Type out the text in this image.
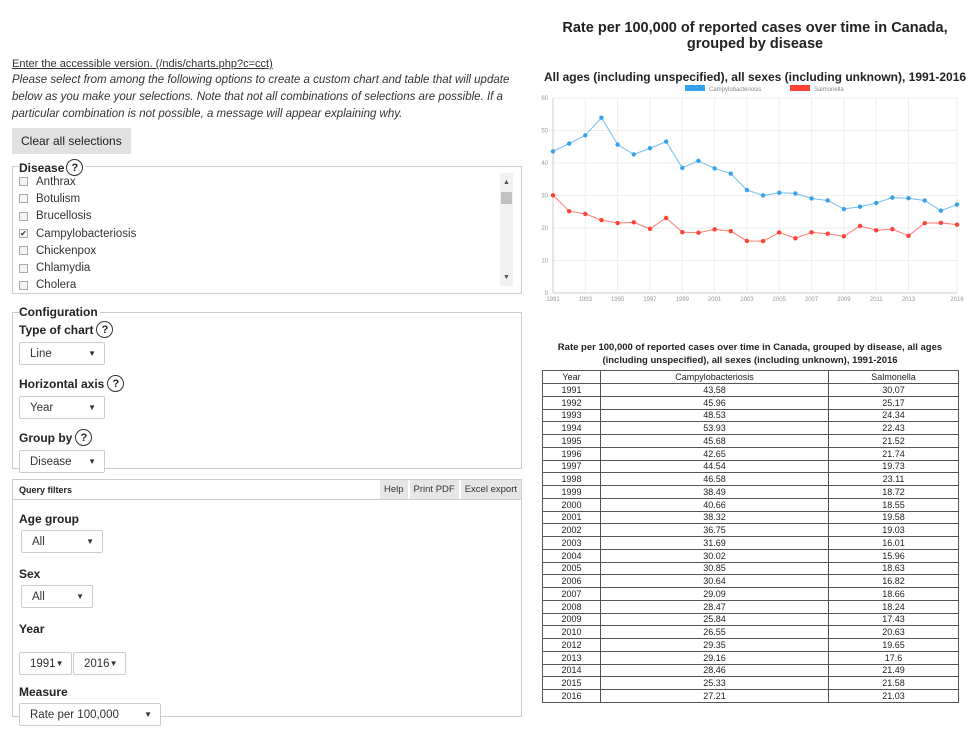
Enter the accessible version. (/ndis/charts.php?c=cct)

Please select from among the following options to create a custom chart and table that will update below as you make your selections. Note that not all combinations of selections are possible. If a particular combination is not possible, a message will appear explaining why.

Clear all selections
Disease ?
Anthrax
Botulism
Brucellosis
✔ Campylobacteriosis
Chickenpox
Chlamydia
Cholera
▲
▼
Configuration
Type of chart ?
Line	▼
Horizontal axis ?
Year	▼
Group by ?
Disease ▼
Query filters	Help	Print PDF	Excel export
Age group
All	▼
Sex
All	▼
Year
1991 ▼ 2016 ▼
Measure
Rate per 100,000	▼
Rate per 100,000 of reported cases over time in Canada, grouped by disease
All ages (including unspecified), all sexes (including unknown), 1991-2016
Campylobacteriosis	Salmonella
0
10
20
30
40
50
60
1991	1993	1995	1997	1999	2001	2003	2005	2007	2009	2011	2013	2016
Rate per 100,000 of reported cases over time in Canada, grouped by disease, all ages (including unspecified), all sexes (including unknown), 1991-2016
Year	Campylobacteriosis	Salmonella
1991	43.58	30.07
1992	45.96	25.17
1993	48.53	24.34
1994	53.93	22.43
1995	45.68	21.52
1996	42.65	21.74
1997	44.54	19.73
1998	46.58	23.11
1999	38.49	18.72
2000	40.66	18.55
2001	38.32	19.58
2002	36.75	19.03
2003	31.69	16.01
2004	30.02	15.96
2005	30.85	18.63
2006	30.64	16.82
2007	29.09	18.66
2008	28.47	18.24
2009	25.84	17.43
2010	26.55	20.63
2012	29.35	19.65
2013	29.16	17.6
2014	28.46	21.49
2015	25.33	21.58
2016	27.21	21.03
